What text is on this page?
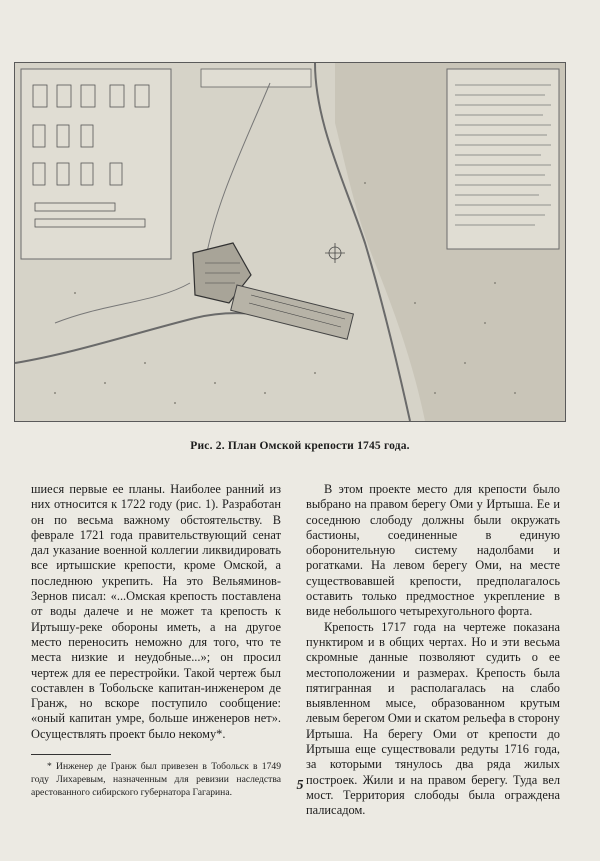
Рис. 2. План Омской крепости 1745 года.

шиеся первые ее планы. Наиболее ранний из них относится к 1722 году (рис. 1). Разработан он по весьма важному обстоятельству. В феврале 1721 года правительствующий сенат дал указание военной коллегии ликвидировать все иртышские крепости, кроме Омской, а последнюю укрепить. На это Вельяминов-Зернов писал: «...Омская крепость поставлена от воды далече и не может та крепость к Иртышу-реке обороны иметь, а на другое место переносить неможно для того, что те места низкие и неудобные...»; он просил чертеж для ее перестройки. Такой чертеж был составлен в Тобольске капитан-инженером де Гранж, но вскоре поступило сообщение: «оный капитан умре, больше инженеров нет». Осуществлять проект было некому*.

* Инженер де Гранж был привезен в Тобольск в 1749 году Лихаревым, назначенным для ревизии наследства арестованного сибирского губернатора Гагарина.

В этом проекте место для крепости было выбрано на правом берегу Оми у Иртыша. Ее и соседнюю слободу должны были окружать бастионы, соединенные в единую оборонительную систему надолбами и рогатками. На левом берегу Оми, на месте существовавшей крепости, предполагалось оставить только предмостное укрепление в виде небольшого четырехугольного форта.

Крепость 1717 года на чертеже показана пунктиром и в общих чертах. Но и эти весьма скромные данные позволяют судить о ее местоположении и размерах. Крепость была пятигранная и располагалась на слабо выявленном мысе, образованном крутым левым берегом Оми и скатом рельефа в сторону Иртыша. На берегу Оми от крепости до Иртыша еще существовали редуты 1716 года, за которыми тянулось два ряда жилых построек. Жили и на правом берегу. Туда вел мост. Территория слободы была ограждена палисадом.

5
